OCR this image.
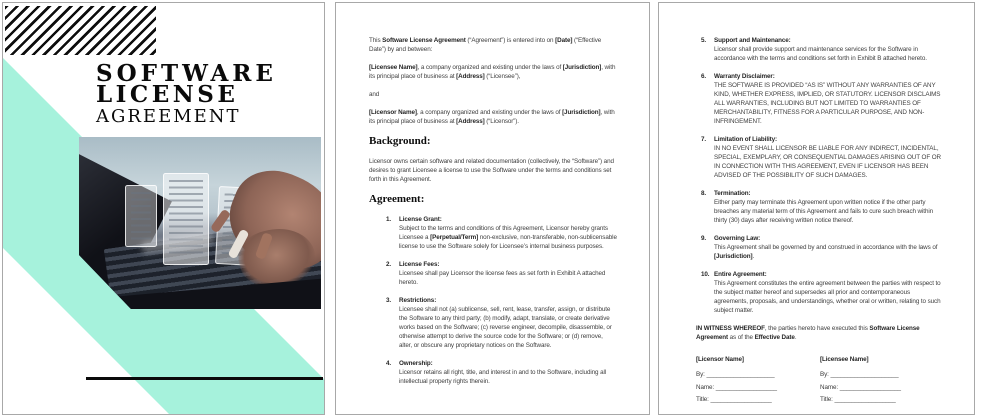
SOFTWARE
LICENSE
AGREEMENT

This Software License Agreement (“Agreement”) is entered into on [Date] (“Effective Date”) by and between:

[Licensee Name], a company organized and existing under the laws of [Jurisdiction], with its principal place of business at [Address] (“Licensee”),

and

[Licensor Name], a company organized and existing under the laws of [Jurisdiction], with its principal place of business at [Address] (“Licensor”).

Background:

Licensor owns certain software and related documentation (collectively, the “Software”) and desires to grant Licensee a license to use the Software under the terms and conditions set forth in this Agreement.

Agreement:

1.	License Grant:
Subject to the terms and conditions of this Agreement, Licensor hereby grants Licensee a [Perpetual/Term] non-exclusive, non-transferable, non-sublicensable license to use the Software solely for Licensee’s internal business purposes.
2.	License Fees:
Licensee shall pay Licensor the license fees as set forth in Exhibit A attached hereto.
3.	Restrictions:
Licensee shall not (a) sublicense, sell, rent, lease, transfer, assign, or distribute the Software to any third party; (b) modify, adapt, translate, or create derivative works based on the Software; (c) reverse engineer, decompile, disassemble, or otherwise attempt to derive the source code for the Software; or (d) remove, alter, or obscure any proprietary notices on the Software.
4.	Ownership:
Licensor retains all right, title, and interest in and to the Software, including all intellectual property rights therein.
5.	Support and Maintenance:
Licensor shall provide support and maintenance services for the Software in accordance with the terms and conditions set forth in Exhibit B attached hereto.
6.	Warranty Disclaimer:
THE SOFTWARE IS PROVIDED “AS IS” WITHOUT ANY WARRANTIES OF ANY KIND, WHETHER EXPRESS, IMPLIED, OR STATUTORY. LICENSOR DISCLAIMS ALL WARRANTIES, INCLUDING BUT NOT LIMITED TO WARRANTIES OF MERCHANTABILITY, FITNESS FOR A PARTICULAR PURPOSE, AND NON-INFRINGEMENT.
7.	Limitation of Liability:
IN NO EVENT SHALL LICENSOR BE LIABLE FOR ANY INDIRECT, INCIDENTAL, SPECIAL, EXEMPLARY, OR CONSEQUENTIAL DAMAGES ARISING OUT OF OR IN CONNECTION WITH THIS AGREEMENT, EVEN IF LICENSOR HAS BEEN ADVISED OF THE POSSIBILITY OF SUCH DAMAGES.
8.	Termination:
Either party may terminate this Agreement upon written notice if the other party breaches any material term of this Agreement and fails to cure such breach within thirty (30) days after receiving written notice thereof.
9.	Governing Law:
This Agreement shall be governed by and construed in accordance with the laws of [Jurisdiction].
10. Entire Agreement:
This Agreement constitutes the entire agreement between the parties with respect to the subject matter hereof and supersedes all prior and contemporaneous agreements, proposals, and understandings, whether oral or written, relating to such subject matter.

IN WITNESS WHEREOF, the parties hereto have executed this Software License Agreement as of the Effective Date.

[Licensor Name]
By: ____________________
Name: __________________
Title: __________________
[Licensee Name]
By: ____________________
Name: __________________
Title: __________________
